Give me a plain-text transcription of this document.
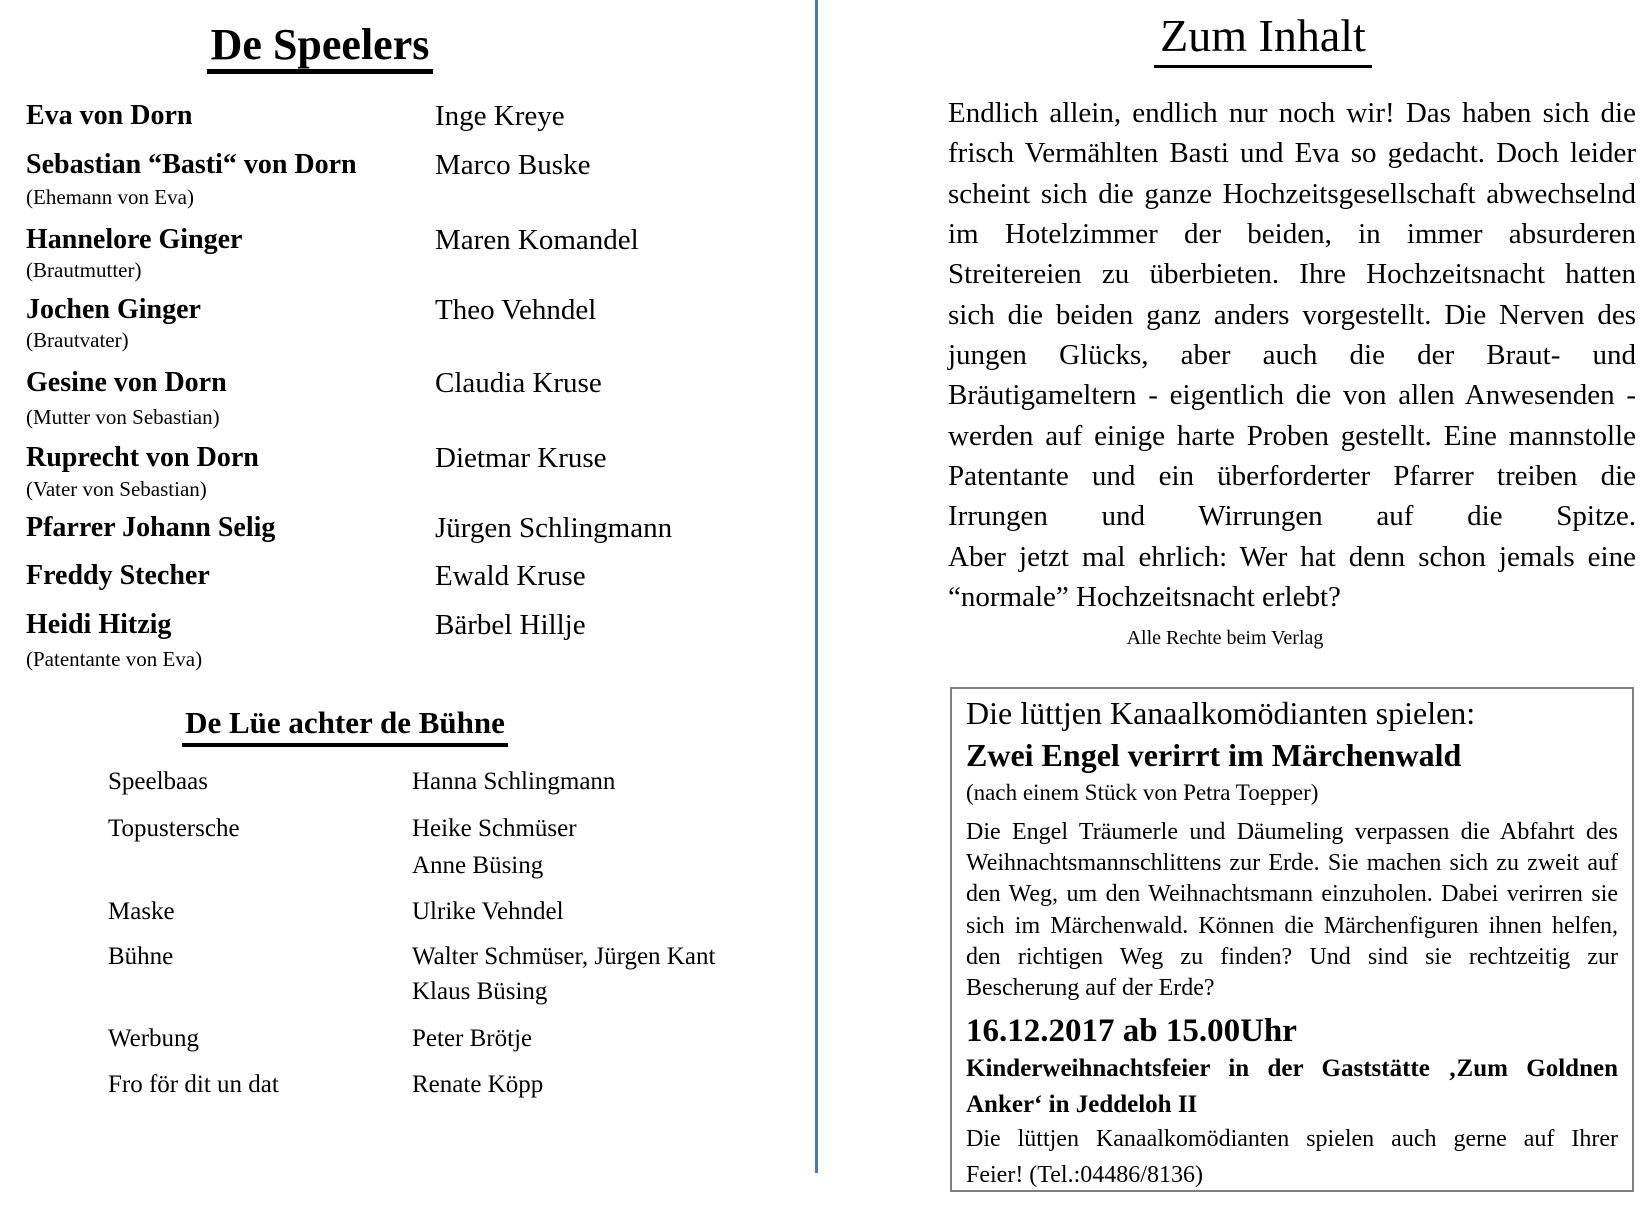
De Speelers
Eva von Dorn	Inge Kreye
Sebastian “Basti“ von Dorn	Marco Buske
(Ehemann von Eva)
Hannelore Ginger	Maren Komandel
(Brautmutter)
Jochen Ginger	Theo Vehndel
(Brautvater)
Gesine von Dorn	Claudia Kruse
(Mutter von Sebastian)
Ruprecht von Dorn	Dietmar Kruse
(Vater von Sebastian)
Pfarrer Johann Selig	Jürgen Schlingmann
Freddy Stecher	Ewald Kruse
Heidi Hitzig	Bärbel Hillje
(Patentante von Eva)
De Lüe achter de Bühne
Speelbaas	Hanna Schlingmann
Topustersche	Heike Schmüser
Anne Büsing
Maske	Ulrike Vehndel
Bühne	Walter Schmüser, Jürgen Kant
Klaus Büsing
Werbung	Peter Brötje
Fro för dit un dat	Renate Köpp
Zum Inhalt
Endlich allein, endlich nur noch wir! Das haben sich die
frisch Vermählten Basti und Eva so gedacht. Doch leider
scheint sich die ganze Hochzeitsgesellschaft abwechselnd
im Hotelzimmer der beiden, in immer absurderen
Streitereien zu überbieten. Ihre Hochzeitsnacht hatten
sich die beiden ganz anders vorgestellt. Die Nerven des
jungen Glücks, aber auch die der Braut- und
Bräutigameltern - eigentlich die von allen Anwesenden -
werden auf einige harte Proben gestellt. Eine mannstolle
Patentante und ein überforderter Pfarrer treiben die
Irrungen und Wirrungen auf die Spitze.
Aber jetzt mal ehrlich: Wer hat denn schon jemals eine
“normale” Hochzeitsnacht erlebt?
Alle Rechte beim Verlag
Die lüttjen Kanaalkomödianten spielen:
Zwei Engel verirrt im Märchenwald
(nach einem Stück von Petra Toepper)
Die Engel Träumerle und Däumeling verpassen die Abfahrt des
Weihnachtsmannschlittens zur Erde. Sie machen sich zu zweit auf
den Weg, um den Weihnachtsmann einzuholen. Dabei verirren sie
sich im Märchenwald. Können die Märchenfiguren ihnen helfen,
den richtigen Weg zu finden? Und sind sie rechtzeitig zur
Bescherung auf der Erde?
16.12.2017 ab 15.00Uhr
Kinderweihnachtsfeier in der Gaststätte ‚Zum Goldnen
Anker‘ in Jeddeloh II
Die lüttjen Kanaalkomödianten spielen auch gerne auf Ihrer
Feier! (Tel.:04486/8136)
